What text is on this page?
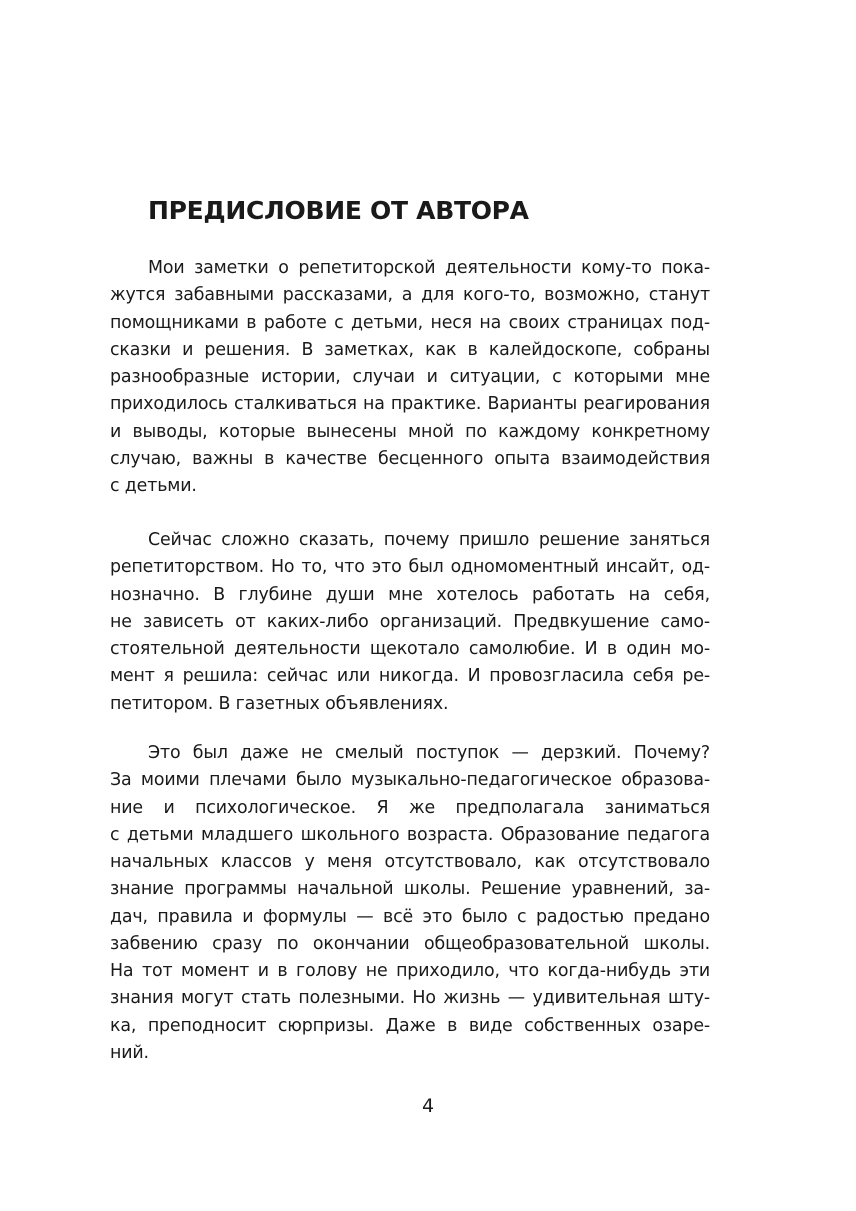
ПРЕДИСЛОВИЕ ОТ АВТОРА
Мои заметки о репетиторской деятельности кому-то пока-
жутся забавными рассказами, а для кого-то, возможно, станут
помощниками в работе с детьми, неся на своих страницах под-
сказки и решения. В заметках, как в калейдоскопе, собраны
разнообразные истории, случаи и ситуации, с которыми мне
приходилось сталкиваться на практике. Варианты реагирования
и выводы, которые вынесены мной по каждому конкретному
случаю, важны в качестве бесценного опыта взаимодействия
с детьми.
Сейчас сложно сказать, почему пришло решение заняться
репетиторством. Но то, что это был одномоментный инсайт, од-
нозначно. В глубине души мне хотелось работать на себя,
не зависеть от каких-либо организаций. Предвкушение само-
стоятельной деятельности щекотало самолюбие. И в один мо-
мент я решила: сейчас или никогда. И провозгласила себя ре-
петитором. В газетных объявлениях.
Это был даже не смелый поступок — дерзкий. Почему?
За моими плечами было музыкально-педагогическое образова-
ние и психологическое. Я же предполагала заниматься
с детьми младшего школьного возраста. Образование педагога
начальных классов у меня отсутствовало, как отсутствовало
знание программы начальной школы. Решение уравнений, за-
дач, правила и формулы — всё это было с радостью предано
забвению сразу по окончании общеобразовательной школы.
На тот момент и в голову не приходило, что когда-нибудь эти
знания могут стать полезными. Но жизнь — удивительная шту-
ка, преподносит сюрпризы. Даже в виде собственных озаре-
ний.
4
